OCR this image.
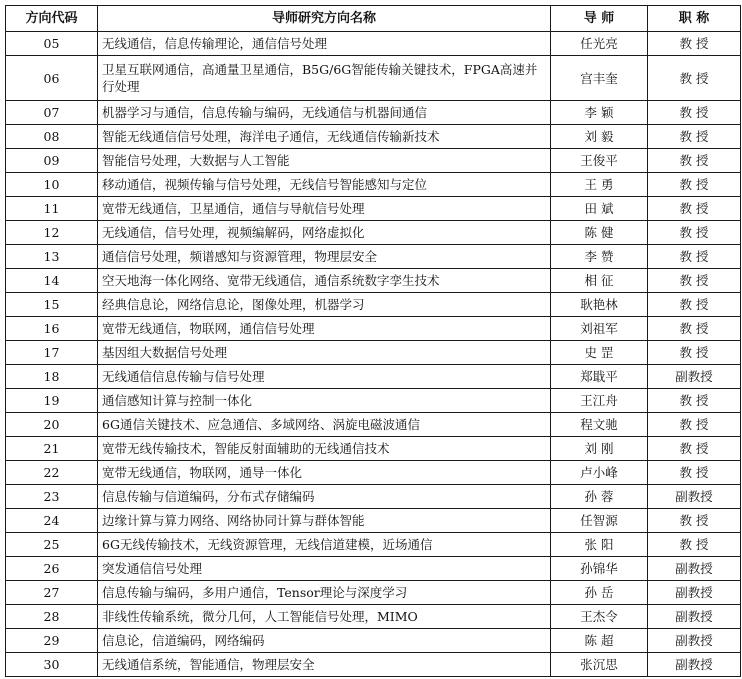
方向代码	导师研究方向名称	导 师	职 称
05	无线通信，信息传输理论，通信信号处理	任光亮	教 授
06	卫星互联网通信，高通量卫星通信，B5G/6G智能传输关键技术，FPGA高速并行处理	宫丰奎	教 授
07	机器学习与通信，信息传输与编码，无线通信与机器间通信	李 颖	教 授
08	智能无线通信信号处理，海洋电子通信，无线通信传输新技术	刘 毅	教 授
09	智能信号处理，大数据与人工智能	王俊平	教 授
10	移动通信，视频传输与信号处理，无线信号智能感知与定位	王 勇	教 授
11	宽带无线通信，卫星通信，通信与导航信号处理	田 斌	教 授
12	无线通信，信号处理，视频编解码，网络虚拟化	陈 健	教 授
13	通信信号处理，频谱感知与资源管理，物理层安全	李 赞	教 授
14	空天地海一体化网络、宽带无线通信，通信系统数字孪生技术	相 征	教 授
15	经典信息论，网络信息论，图像处理，机器学习	耿艳林	教 授
16	宽带无线通信，物联网，通信信号处理	刘祖军	教 授
17	基因组大数据信号处理	史 罡	教 授
18	无线通信信息传输与信号处理	郑戢平	副教授
19	通信感知计算与控制一体化	王江舟	教 授
20	6G通信关键技术、应急通信、多域网络、涡旋电磁波通信	程文驰	教 授
21	宽带无线传输技术，智能反射面辅助的无线通信技术	刘 刚	教 授
22	宽带无线通信，物联网，通导一体化	卢小峰	教 授
23	信息传输与信道编码，分布式存储编码	孙 蓉	副教授
24	边缘计算与算力网络、网络协同计算与群体智能	任智源	教 授
25	6G无线传输技术，无线资源管理，无线信道建模，近场通信	张 阳	教 授
26	突发通信信号处理	孙锦华	副教授
27	信息传输与编码，多用户通信，Tensor理论与深度学习	孙 岳	副教授
28	非线性传输系统，微分几何，人工智能信号处理，MIMO	王杰令	副教授
29	信息论，信道编码，网络编码	陈 超	副教授
30	无线通信系统，智能通信，物理层安全	张沉思	副教授
